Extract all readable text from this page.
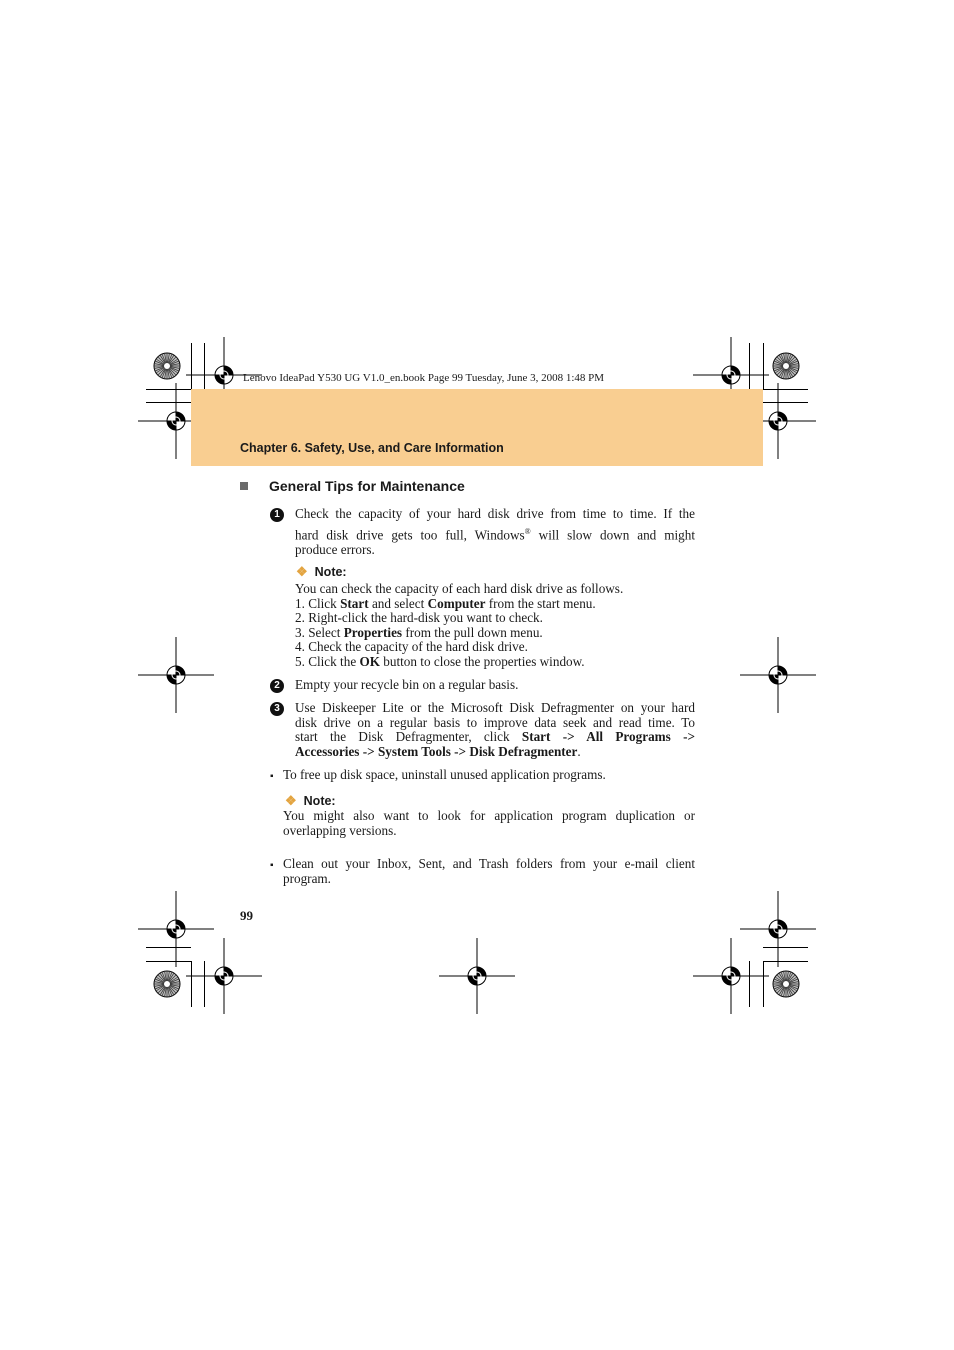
Lenovo IdeaPad Y530 UG V1.0_en.book Page 99 Tuesday, June 3, 2008 1:48 PM
Chapter 6. Safety, Use, and Care Information
General Tips for Maintenance
1	Check the capacity of your hard disk drive from time to time. If the
hard disk drive gets too full, Windows® will slow down and might
produce errors.
❖ Note:
You can check the capacity of each hard disk drive as follows.
1. Click Start and select Computer from the start menu.
2. Right-click the hard-disk you want to check.
3. Select Properties from the pull down menu.
4. Check the capacity of the hard disk drive.
5. Click the OK button to close the properties window.
2	Empty your recycle bin on a regular basis.
3	Use Diskeeper Lite or the Microsoft Disk Defragmenter on your hard
disk drive on a regular basis to improve data seek and read time. To
start the Disk Defragmenter, click Start -> All Programs ->
Accessories -> System Tools -> Disk Defragmenter.
▪ To free up disk space, uninstall unused application programs.
❖ Note:
You might also want to look for application program duplication or
overlapping versions.
▪ Clean out your Inbox, Sent, and Trash folders from your e-mail client
program.
99
